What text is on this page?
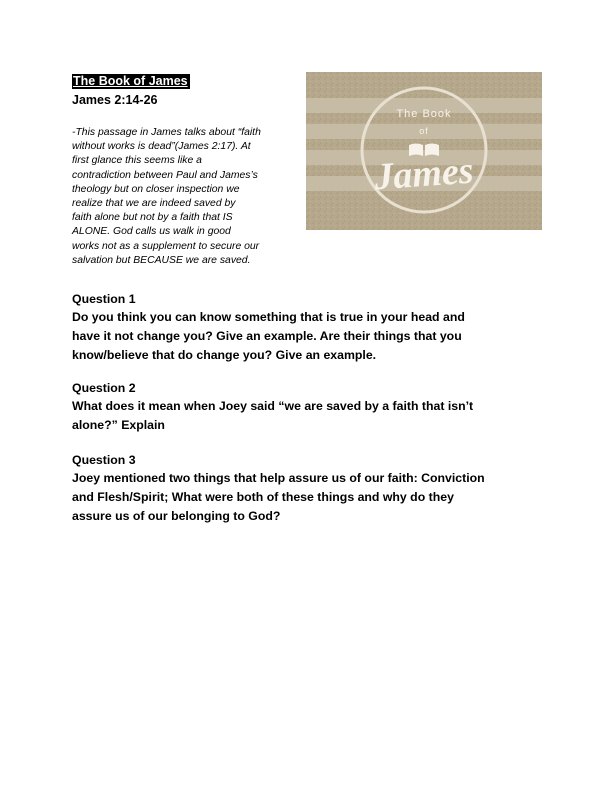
The Book of James
James 2:14-26

-This passage in James talks about “faith
without works is dead”(James 2:17). At
first glance this seems like a
contradiction between Paul and James’s
theology but on closer inspection we
realize that we are indeed saved by
faith alone but not by a faith that IS
ALONE. God calls us walk in good
works not as a supplement to secure our
salvation but BECAUSE we are saved.

The Book
of
James
Question 1
Do you think you can know something that is true in your head and
have it not change you? Give an example. Are their things that you
know/believe that do change you? Give an example.
Question 2
What does it mean when Joey said “we are saved by a faith that isn’t
alone?” Explain
Question 3
Joey mentioned two things that help assure us of our faith: Conviction
and Flesh/Spirit; What were both of these things and why do they
assure us of our belonging to God?
